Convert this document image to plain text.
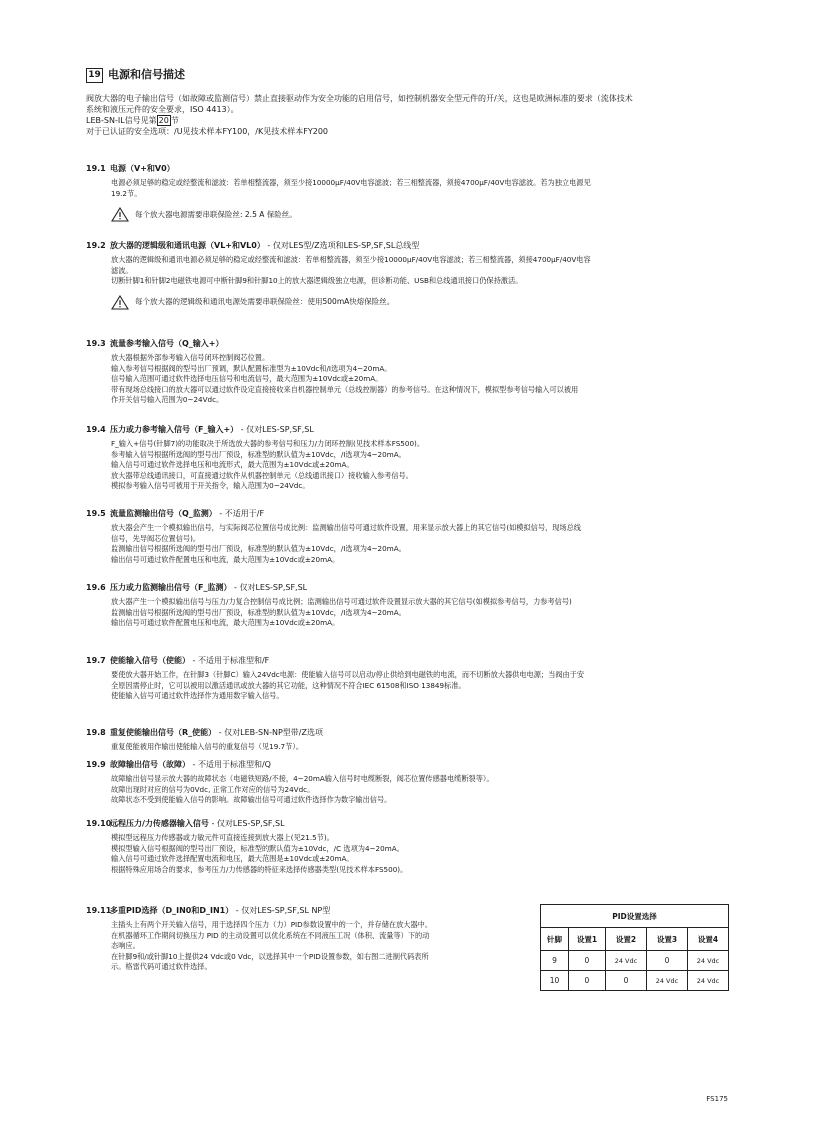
19 电源和信号描述

阀放大器的电子输出信号（如故障或监测信号）禁止直接驱动作为安全功能的启用信号，如控制机器安全型元件的开/关，这也是欧洲标准的要求（流体技术

系统和液压元件的安全要求，ISO 4413）。

LEB-SN-IL信号见第 20 节

对于已认证的安全选项：/U见技术样本FY100，/K见技术样本FY200

19.1 电源（V+和V0）

电源必须足够的稳定或经整流和滤波：若单相整流器，须至少接10000μF/40V电容滤波；若三相整流器，须接4700μF/40V电容滤波。若为独立电源见

19.2节。

每个放大器电源需要串联保险丝: 2.5 A 保险丝。
19.2 放大器的逻辑级和通讯电源（VL+和VL0） - 仅对LES型/Z选项和LES-SP,SF,SL总线型

放大器的逻辑级和通讯电源必须足够的稳定或经整流和滤波：若单相整流器，须至少接10000μF/40V电容滤波；若三相整流器，须接4700μF/40V电容

滤波。

切断针脚1和针脚2电磁铁电源可中断针脚9和针脚10上的放大器逻辑级独立电源，但诊断功能、USB和总线通讯接口仍保持激活。

每个放大器的逻辑级和通讯电源处需要串联保险丝：使用500mA快熔保险丝。
19.3 流量参考输入信号（Q_输入+）

放大器根据外部参考输入信号闭环控制阀芯位置。

输入参考信号根据阀的型号出厂预调，默认配置标准型为±10Vdc和/I选项为4~20mA。

信号输入范围可通过软件选择电压信号和电流信号，最大范围为±10Vdc或±20mA。

带有现场总线接口的放大器可以通过软件设定直接接收来自机器控制单元（总线控制器）的参考信号。在这种情况下，模拟型参考信号输入可以被用

作开关信号输入范围为0~24Vdc。

19.4 压力或力参考输入信号（F_输入+） - 仅对LES-SP,SF,SL

F_输入+信号(针脚7)的功能取决于所选放大器的参考信号和压力/力闭环控制(见技术样本FS500)。

参考输入信号根据所选阀的型号出厂预设，标准型的默认值为±10Vdc，/I选项为4~20mA。

输入信号可通过软件选择电压和电流形式，最大范围为±10Vdc或±20mA。

放大器带总线通讯接口，可直接通过软件从机器控制单元（总线通讯接口）接收输入参考信号。

模拟参考输入信号可被用于开关指令，输入范围为0~24Vdc。

19.5 流量监测输出信号（Q_监测） - 不适用于/F

放大器会产生一个模拟输出信号，与实际阀芯位置信号成比例：监测输出信号可通过软件设置，用来显示放大器上的其它信号(如模拟信号，现场总线

信号，先导阀芯位置信号)。

监测输出信号根据所选阀的型号出厂预设，标准型的默认值为±10Vdc，/I选项为4~20mA。

输出信号可通过软件配置电压和电流，最大范围为±10Vdc或±20mA。

19.6 压力或力监测输出信号（F_监测） - 仅对LES-SP,SF,SL

放大器产生一个模拟输出信号与压力/力复合控制信号成比例；监测输出信号可通过软件设置显示放大器的其它信号(如模拟参考信号，力参考信号)

监测输出信号根据所选阀的型号出厂预设，标准型的默认值为±10Vdc，/I选项为4~20mA。

输出信号可通过软件配置电压和电流，最大范围为±10Vdc或±20mA。

19.7 使能输入信号（使能） - 不适用于标准型和/F

要使放大器开始工作，在针脚3（针脚C）输入24Vdc电源：使能输入信号可以启动/停止供给到电磁铁的电流，而不切断放大器供电电源；当阀由于安

全原因需停止时，它可以被用以激活通讯或放大器的其它功能，这种情况不符合IEC 61508和ISO 13849标准。

使能输入信号可通过软件选择作为通用数字输入信号。

19.8 重复使能输出信号（R_使能） - 仅对LEB-SN-NP型带/Z选项

重复使能被用作输出使能输入信号的重复信号（见19.7节）。

19.9 故障输出信号（故障） - 不适用于标准型和/Q

故障输出信号显示放大器的故障状态（电磁铁短路/不接，4~20mA输入信号时电缆断裂，阀芯位置传感器电缆断裂等）。

故障出现时对应的信号为0Vdc, 正常工作对应的信号为24Vdc。

故障状态不受到使能输入信号的影响。故障输出信号可通过软件选择作为数字输出信号。

19.10远程压力/力传感器输入信号 - 仅对LES-SP,SF,SL

模拟型远程压力传感器或力敏元件可直接连接到放大器上(见21.5节)。

模拟型输入信号根据阀的型号出厂预设，标准型的默认值为±10Vdc，/C 选项为4~20mA。

输入信号可通过软件选择配置电流和电压，最大范围是±10Vdc或±20mA。

根据特殊应用场合的要求，参考压力/力传感器的特征来选择传感器类型(见技术样本FS500)。

19.11多重PID选择（D_IN0和D_IN1） - 仅对LES-SP,SF,SL NP型

主插头上有两个开关输入信号，用于选择四个压力（力）PID参数设置中的一个，并存储在放大器中。

在机器循环工作期间切换压力 PID 的主动设置可以优化系统在不同液压工况（体积、流量等）下的动

态响应。

在针脚9和/或针脚10上提供24 Vdc或0 Vdc，以选择其中一个PID设置参数，如右图二进制代码表所

示。格雷代码可通过软件选择。

PID设置选择				
针脚	设置1	设置2	设置3	设置4
9	0	24 Vdc	0	24 Vdc
10	0	0	24 Vdc	24 Vdc
FS175
